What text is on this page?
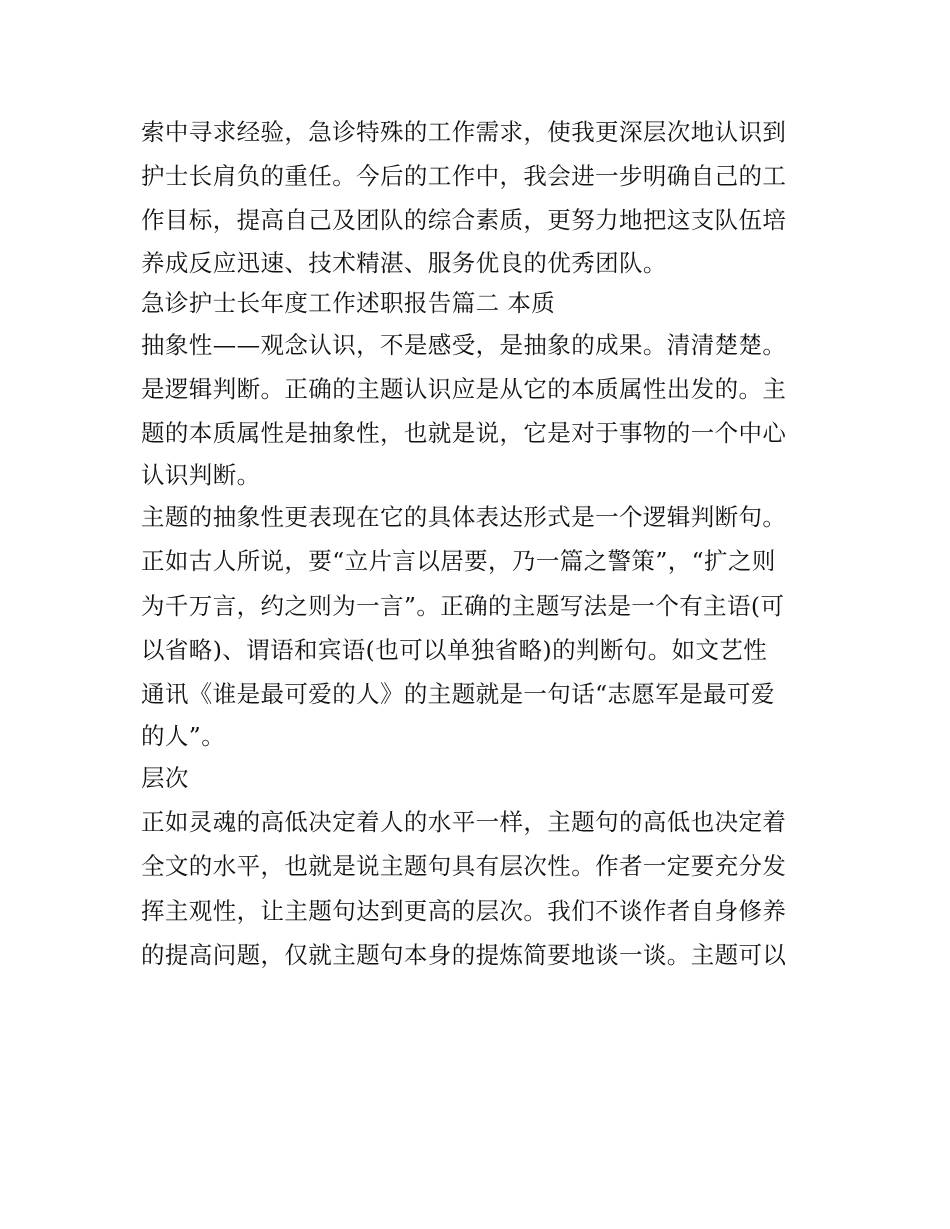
索中寻求经验，急诊特殊的工作需求，使我更深层次地认识到
护士长肩负的重任。今后的工作中，我会进一步明确自己的工
作目标，提高自己及团队的综合素质，更努力地把这支队伍培
养成反应迅速、技术精湛、服务优良的优秀团队。
急诊护士长年度工作述职报告篇二 本质
抽象性——观念认识，不是感受，是抽象的成果。清清楚楚。
是逻辑判断。正确的主题认识应是从它的本质属性出发的。主
题的本质属性是抽象性，也就是说，它是对于事物的一个中心
认识判断。
主题的抽象性更表现在它的具体表达形式是一个逻辑判断句。
正如古人所说，要“立片言以居要，乃一篇之警策”，“扩之则
为千万言，约之则为一言”。正确的主题写法是一个有主语(可
以省略)、谓语和宾语(也可以单独省略)的判断句。如文艺性
通讯《谁是最可爱的人》的主题就是一句话“志愿军是最可爱
的人”。
层次
正如灵魂的高低决定着人的水平一样，主题句的高低也决定着
全文的水平，也就是说主题句具有层次性。作者一定要充分发
挥主观性，让主题句达到更高的层次。我们不谈作者自身修养
的提高问题，仅就主题句本身的提炼简要地谈一谈。主题可以
